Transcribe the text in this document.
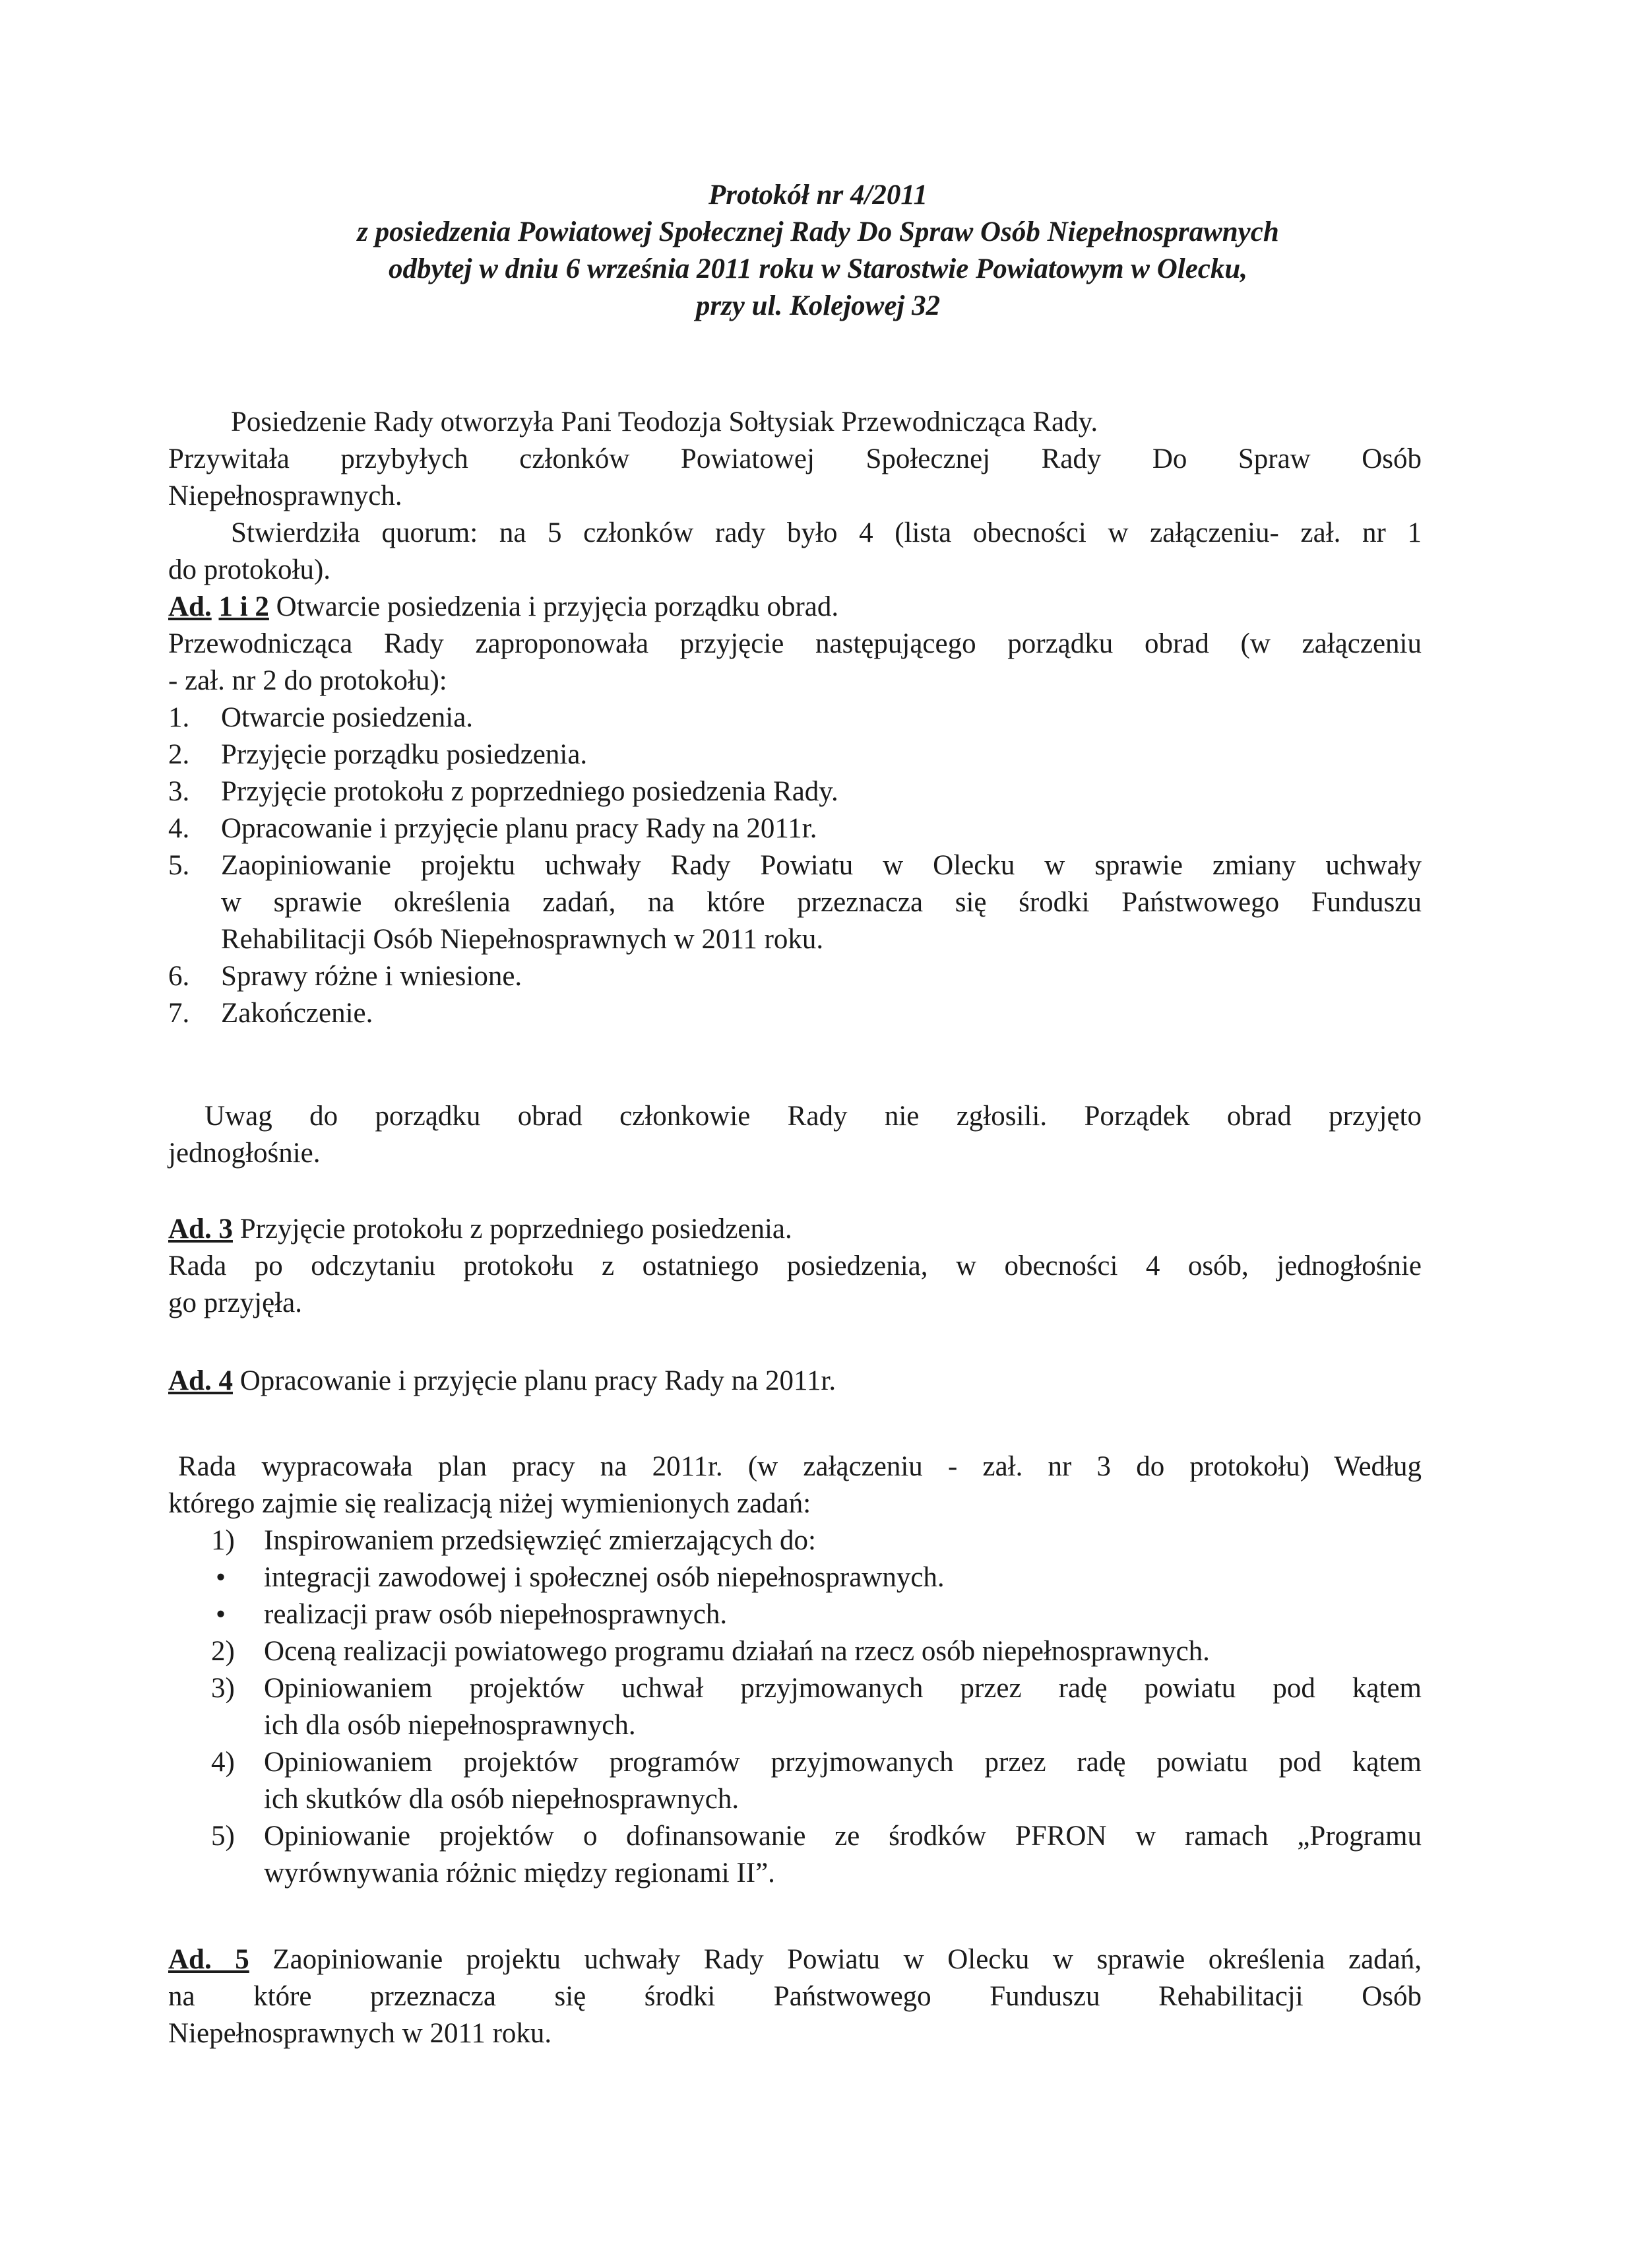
Protokół nr 4/2011
z posiedzenia Powiatowej Społecznej Rady Do Spraw Osób Niepełnosprawnych
odbytej w dniu 6 września 2011 roku w Starostwie Powiatowym w Olecku,
przy ul. Kolejowej 32
Posiedzenie Rady otworzyła Pani Teodozja Sołtysiak Przewodnicząca Rady.
Przywitała przybyłych członków Powiatowej Społecznej Rady Do Spraw Osób
Niepełnosprawnych.
Stwierdziła quorum: na 5 członków rady było 4 (lista obecności w załączeniu- zał. nr 1
do protokołu).
Ad. 1 i 2 Otwarcie posiedzenia i przyjęcia porządku obrad.
Przewodnicząca Rady zaproponowała przyjęcie następującego porządku obrad (w załączeniu
- zał. nr 2 do protokołu):
1. Otwarcie posiedzenia.
2. Przyjęcie porządku posiedzenia.
3. Przyjęcie protokołu z poprzedniego posiedzenia Rady.
4. Opracowanie i przyjęcie planu pracy Rady na 2011r.
5. Zaopiniowanie projektu uchwały Rady Powiatu w Olecku w sprawie zmiany uchwały
w sprawie określenia zadań, na które przeznacza się środki Państwowego Funduszu
Rehabilitacji Osób Niepełnosprawnych w 2011 roku.
6. Sprawy różne i wniesione.
7. Zakończenie.
Uwag do porządku obrad członkowie Rady nie zgłosili. Porządek obrad przyjęto
jednogłośnie.
Ad. 3 Przyjęcie protokołu z poprzedniego posiedzenia.
Rada po odczytaniu protokołu z ostatniego posiedzenia, w obecności 4 osób, jednogłośnie
go przyjęła.
Ad. 4 Opracowanie i przyjęcie planu pracy Rady na 2011r.
Rada wypracowała plan pracy na 2011r. (w załączeniu - zał. nr 3 do protokołu) Według
którego zajmie się realizacją niżej wymienionych zadań:
1) Inspirowaniem przedsięwzięć zmierzających do:
• integracji zawodowej i społecznej osób niepełnosprawnych.
• realizacji praw osób niepełnosprawnych.
2) Oceną realizacji powiatowego programu działań na rzecz osób niepełnosprawnych.
3) Opiniowaniem projektów uchwał przyjmowanych przez radę powiatu pod kątem
ich dla osób niepełnosprawnych.
4) Opiniowaniem projektów programów przyjmowanych przez radę powiatu pod kątem
ich skutków dla osób niepełnosprawnych.
5) Opiniowanie projektów o dofinansowanie ze środków PFRON w ramach „Programu
wyrównywania różnic między regionami II”.
Ad. 5 Zaopiniowanie projektu uchwały Rady Powiatu w Olecku w sprawie określenia zadań,
na które przeznacza się środki Państwowego Funduszu Rehabilitacji Osób
Niepełnosprawnych w 2011 roku.
